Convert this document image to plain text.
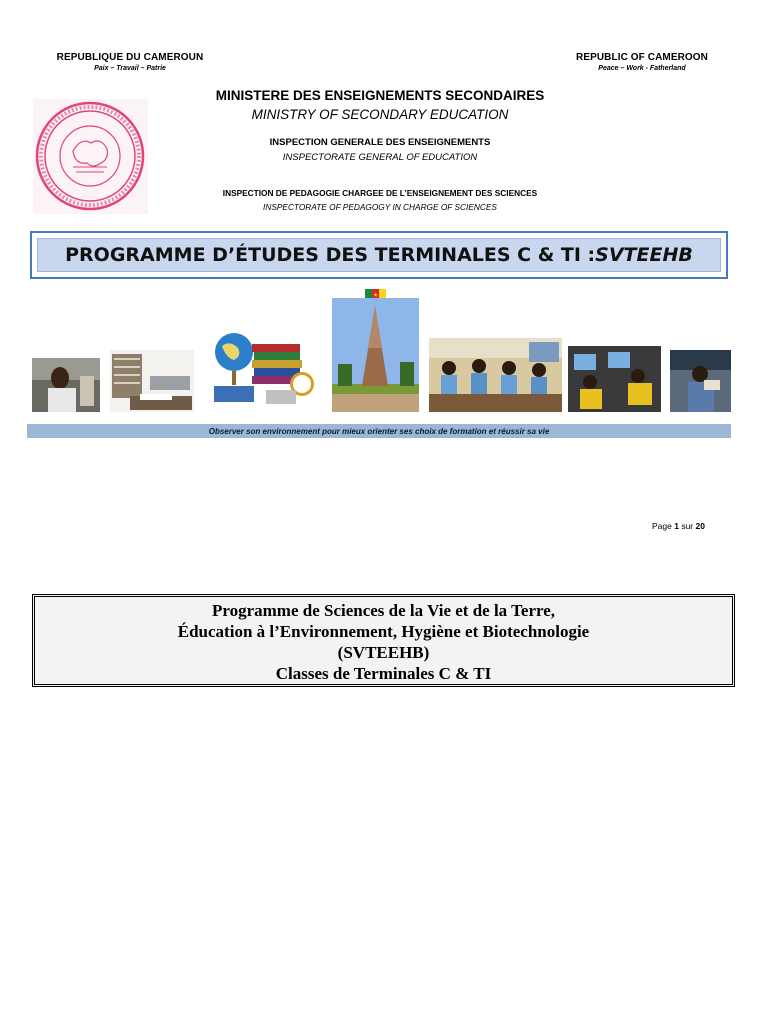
REPUBLIQUE DU CAMEROUN
Paix – Travail – Patrie
REPUBLIC OF CAMEROON
Peace – Work - Fatherland
MINISTERE DES ENSEIGNEMENTS SECONDAIRES
MINISTRY OF SECONDARY EDUCATION
INSPECTION GENERALE DES ENSEIGNEMENTS
INSPECTORATE GENERAL OF EDUCATION
INSPECTION DE PEDAGOGIE CHARGEE DE L’ENSEIGNEMENT DES SCIENCES
INSPECTORATE OF PEDAGOGY IN CHARGE OF SCIENCES
PROGRAMME D’ÉTUDES DES TERMINALES C & TI : SVTEEHB
Observer son environnement pour mieux orienter ses choix de formation et réussir sa vie
Page 1 sur 20
Programme de Sciences de la Vie et de la Terre,
Éducation à l’Environnement, Hygiène et Biotechnologie
(SVTEEHB)
Classes de Terminales C & TI
